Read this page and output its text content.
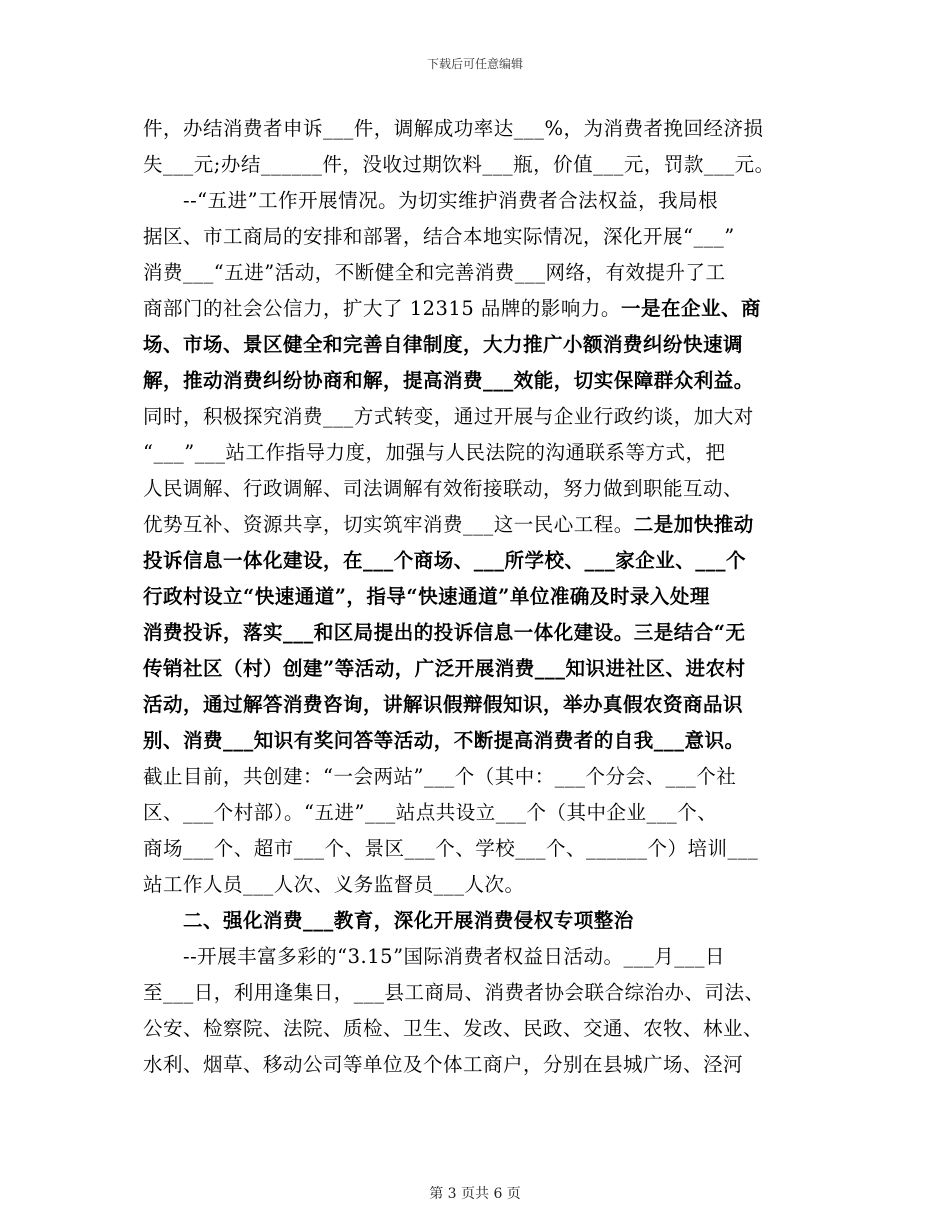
下载后可任意编辑
件，办结消费者申诉___件，调解成功率达___%，为消费者挽回经济损
失___元;办结______件，没收过期饮料___瓶，价值___元，罚款___元。
--“五进”工作开展情况。为切实维护消费者合法权益，我局根
据区、市工商局的安排和部署，结合本地实际情况，深化开展“___”
消费___“五进”活动，不断健全和完善消费___网络，有效提升了工
商部门的社会公信力，扩大了 12315 品牌的影响力。一是在企业、商
场、市场、景区健全和完善自律制度，大力推广小额消费纠纷快速调
解，推动消费纠纷协商和解，提高消费___效能，切实保障群众利益。
同时，积极探究消费___方式转变，通过开展与企业行政约谈，加大对
“___”___站工作指导力度，加强与人民法院的沟通联系等方式，把
人民调解、行政调解、司法调解有效衔接联动，努力做到职能互动、
优势互补、资源共享，切实筑牢消费___这一民心工程。二是加快推动
投诉信息一体化建设，在___个商场、___所学校、___家企业、___个
行政村设立“快速通道”，指导“快速通道”单位准确及时录入处理
消费投诉，落实___和区局提出的投诉信息一体化建设。三是结合“无
传销社区（村）创建”等活动，广泛开展消费___知识进社区、进农村
活动，通过解答消费咨询，讲解识假辩假知识，举办真假农资商品识
别、消费___知识有奖问答等活动，不断提高消费者的自我___意识。
截止目前，共创建：“一会两站”___个（其中：___个分会、___个社
区、___个村部）。“五进”___站点共设立___个（其中企业___个、
商场___个、超市___个、景区___个、学校___个、______个）培训___
站工作人员___人次、义务监督员___人次。
二、强化消费___教育，深化开展消费侵权专项整治
--开展丰富多彩的“3.15”国际消费者权益日活动。___月___日
至___日，利用逢集日，___县工商局、消费者协会联合综治办、司法、
公安、检察院、法院、质检、卫生、发改、民政、交通、农牧、林业、
水利、烟草、移动公司等单位及个体工商户，分别在县城广场、泾河
第 3 页共 6 页
